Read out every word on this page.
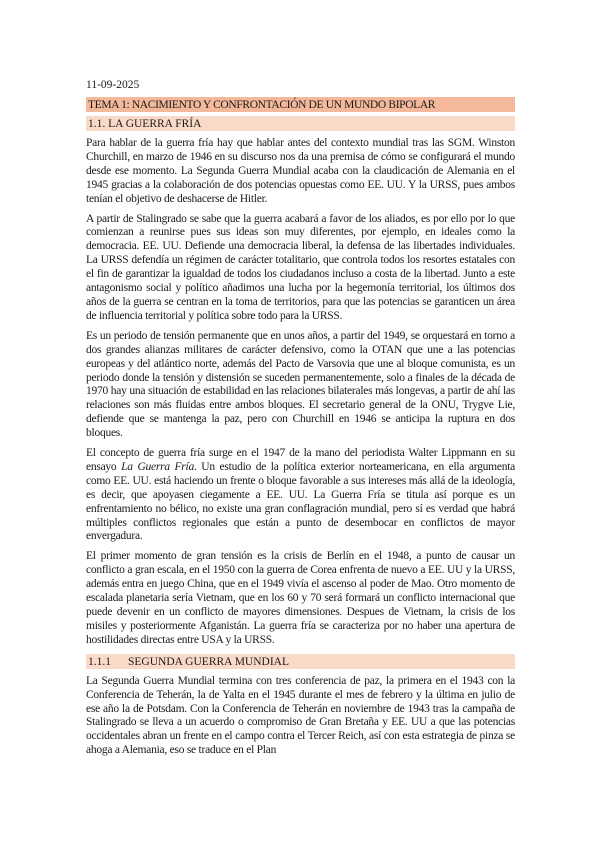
11-09-2025
TEMA 1: NACIMIENTO Y CONFRONTACIÓN DE UN MUNDO BIPOLAR
1.1. LA GUERRA FRÍA

Para hablar de la guerra fría hay que hablar antes del contexto mundial tras las SGM. Winston Churchill, en marzo de 1946 en su discurso nos da una premisa de cómo se configurará el mundo desde ese momento. La Segunda Guerra Mundial acaba con la claudicación de Alemania en el 1945 gracias a la colaboración de dos potencias opuestas como EE. UU. Y la URSS, pues ambos tenían el objetivo de deshacerse de Hitler.

A partir de Stalingrado se sabe que la guerra acabará a favor de los aliados, es por ello por lo que comienzan a reunirse pues sus ideas son muy diferentes, por ejemplo, en ideales como la democracia. EE. UU. Defiende una democracia liberal, la defensa de las libertades individuales. La URSS defendía un régimen de carácter totalitario, que controla todos los resortes estatales con el fin de garantizar la igualdad de todos los ciudadanos incluso a costa de la libertad. Junto a este antagonismo social y político añadimos una lucha por la hegemonía territorial, los últimos dos años de la guerra se centran en la toma de territorios, para que las potencias se garanticen un área de influencia territorial y política sobre todo para la URSS.

Es un periodo de tensión permanente que en unos años, a partir del 1949, se orquestará en torno a dos grandes alianzas militares de carácter defensivo, como la OTAN que une a las potencias europeas y del atlántico norte, además del Pacto de Varsovia que une al bloque comunista, es un periodo donde la tensión y distensión se suceden permanentemente, solo a finales de la década de 1970 hay una situación de estabilidad en las relaciones bilaterales más longevas, a partir de ahí las relaciones son más fluidas entre ambos bloques. El secretario general de la ONU, Trygve Lie, defiende que se mantenga la paz, pero con Churchill en 1946 se anticipa la ruptura en dos bloques.

El concepto de guerra fría surge en el 1947 de la mano del periodista Walter Lippmann en su ensayo La Guerra Fría. Un estudio de la política exterior norteamericana, en ella argumenta como EE. UU. está haciendo un frente o bloque favorable a sus intereses más allá de la ideología, es decir, que apoyasen ciegamente a EE. UU. La Guerra Fría se titula así porque es un enfrentamiento no bélico, no existe una gran conflagración mundial, pero sí es verdad que habrá múltiples conflictos regionales que están a punto de desembocar en conflictos de mayor envergadura.

El primer momento de gran tensión es la crisis de Berlín en el 1948, a punto de causar un conflicto a gran escala, en el 1950 con la guerra de Corea enfrenta de nuevo a EE. UU y la URSS, además entra en juego China, que en el 1949 vivía el ascenso al poder de Mao. Otro momento de escalada planetaria sería Vietnam, que en los 60 y 70 será formará un conflicto internacional que puede devenir en un conflicto de mayores dimensiones. Despues de Vietnam, la crisis de los misiles y posteriormente Afganistán. La guerra fría se caracteriza por no haber una apertura de hostilidades directas entre USA y la URSS.

1.1.1 SEGUNDA GUERRA MUNDIAL

La Segunda Guerra Mundial termina con tres conferencia de paz, la primera en el 1943 con la Conferencia de Teherán, la de Yalta en el 1945 durante el mes de febrero y la última en julio de ese año la de Potsdam. Con la Conferencia de Teherán en noviembre de 1943 tras la campaña de Stalingrado se lleva a un acuerdo o compromiso de Gran Bretaña y EE. UU a que las potencias occidentales abran un frente en el campo contra el Tercer Reich, así con esta estrategia de pinza se ahoga a Alemania, eso se traduce en el Plan
